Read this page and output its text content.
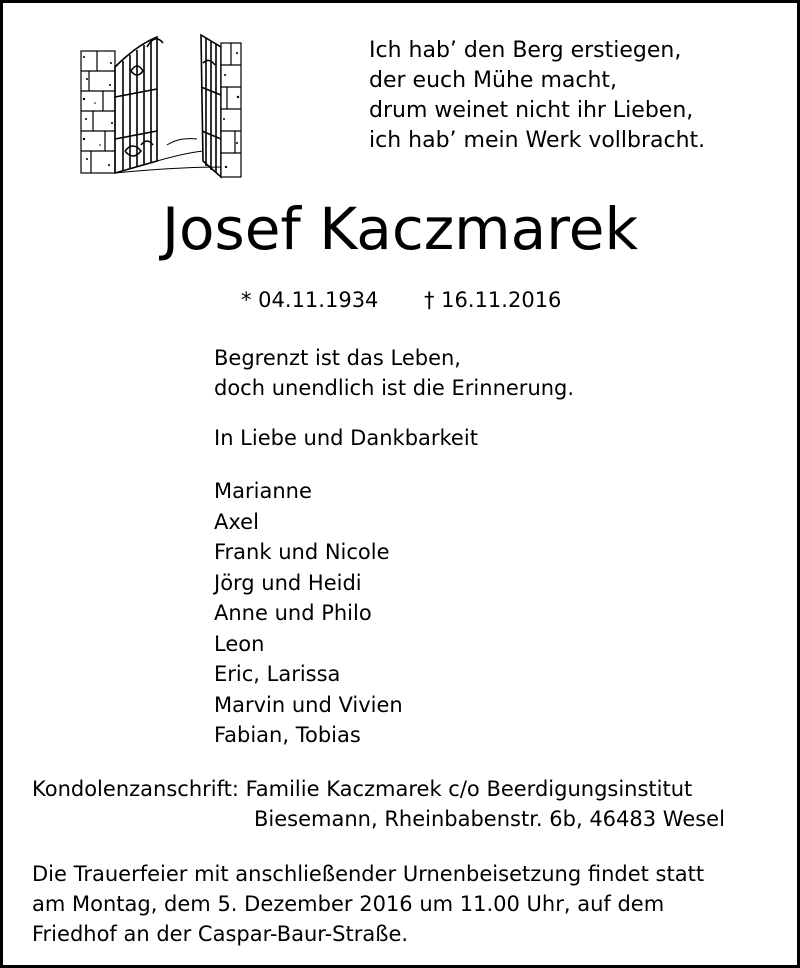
Ich hab’ den Berg erstiegen,
der euch Mühe macht,
drum weinet nicht ihr Lieben,
ich hab’ mein Werk vollbracht.
Josef Kaczmarek
* 04.11.1934 † 16.11.2016
Begrenzt ist das Leben,
doch unendlich ist die Erinnerung.
In Liebe und Dankbarkeit
Marianne
Axel
Frank und Nicole
Jörg und Heidi
Anne und Philo
Leon
Eric, Larissa
Marvin und Vivien
Fabian, Tobias
Kondolenzanschrift: Familie Kaczmarek c/o Beerdigungsinstitut
Biesemann, Rheinbabenstr. 6b, 46483 Wesel
Die Trauerfeier mit anschließender Urnenbeisetzung findet statt
am Montag, dem 5. Dezember 2016 um 11.00 Uhr, auf dem
Friedhof an der Caspar-Baur-Straße.
